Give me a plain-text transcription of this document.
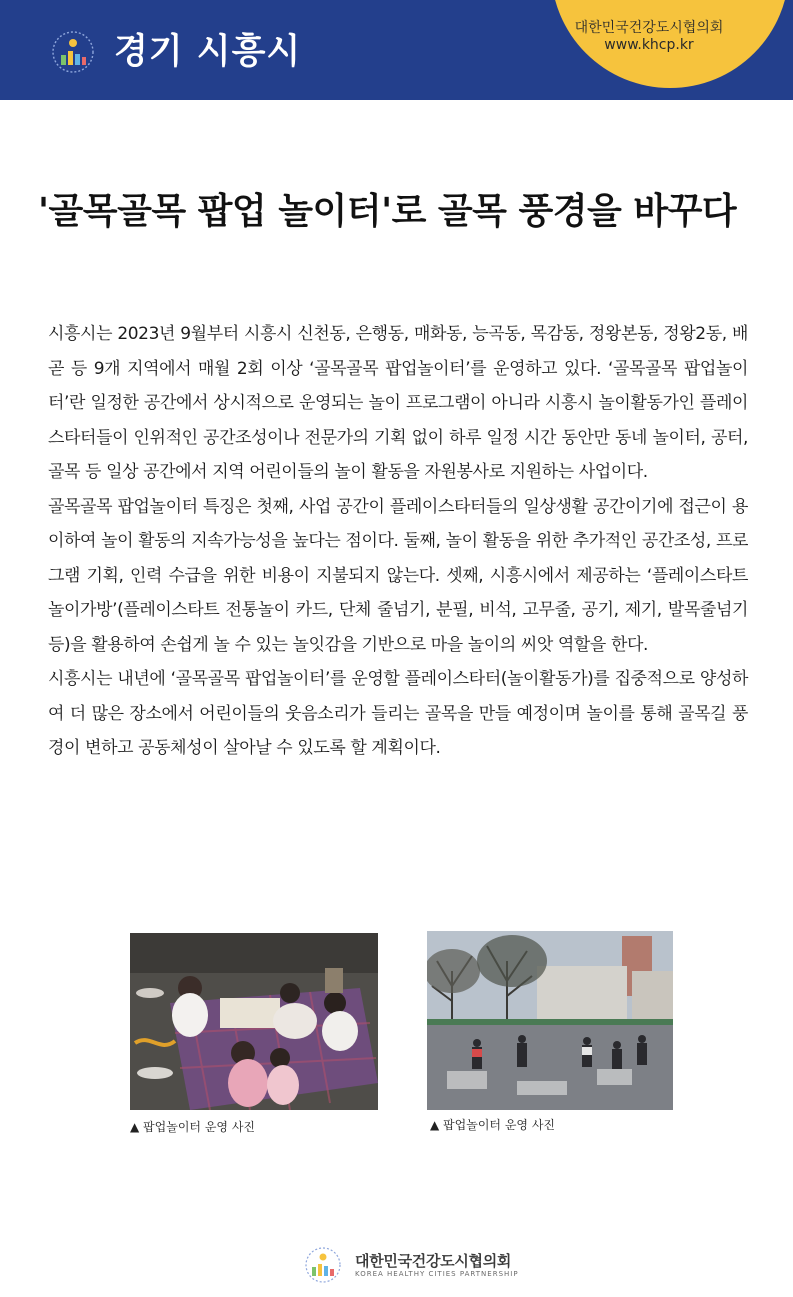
경기 시흥시
대한민국건강도시협의회
www.khcp.kr
'골목골목 팝업 놀이터'로 골목 풍경을 바꾸다

시흥시는 2023년 9월부터 시흥시 신천동, 은행동, 매화동, 능곡동, 목감동, 정왕본동, 정왕2동, 배곧 등 9개 지역에서 매월 2회 이상 ‘골목골목 팝업놀이터’를 운영하고 있다. ‘골목골목 팝업놀이터’란 일정한 공간에서 상시적으로 운영되는 놀이 프로그램이 아니라 시흥시 놀이활동가인 플레이스타터들이 인위적인 공간조성이나 전문가의 기획 없이 하루 일정 시간 동안만 동네 놀이터, 공터, 골목 등 일상 공간에서 지역 어린이들의 놀이 활동을 자원봉사로 지원하는 사업이다.

골목골목 팝업놀이터 특징은 첫째, 사업 공간이 플레이스타터들의 일상생활 공간이기에 접근이 용이하여 놀이 활동의 지속가능성을 높다는 점이다. 둘째, 놀이 활동을 위한 추가적인 공간조성, 프로그램 기획, 인력 수급을 위한 비용이 지불되지 않는다. 셋째, 시흥시에서 제공하는 ‘플레이스타트 놀이가방’(플레이스타트 전통놀이 카드, 단체 줄넘기, 분필, 비석, 고무줄, 공기, 제기, 발목줄넘기 등)을 활용하여 손쉽게 놀 수 있는 놀잇감을 기반으로 마을 놀이의 씨앗 역할을 한다.

시흥시는 내년에 ‘골목골목 팝업놀이터’를 운영할 플레이스타터(놀이활동가)를 집중적으로 양성하여 더 많은 장소에서 어린이들의 웃음소리가 들리는 골목을 만들 예정이며 놀이를 통해 골목길 풍경이 변하고 공동체성이 살아날 수 있도록 할 계획이다.

▲ 팝업놀이터 운영 사진	▲ 팝업놀이터 운영 사진
대한민국건강도시협의회
KOREA HEALTHY CITIES PARTNERSHIP
